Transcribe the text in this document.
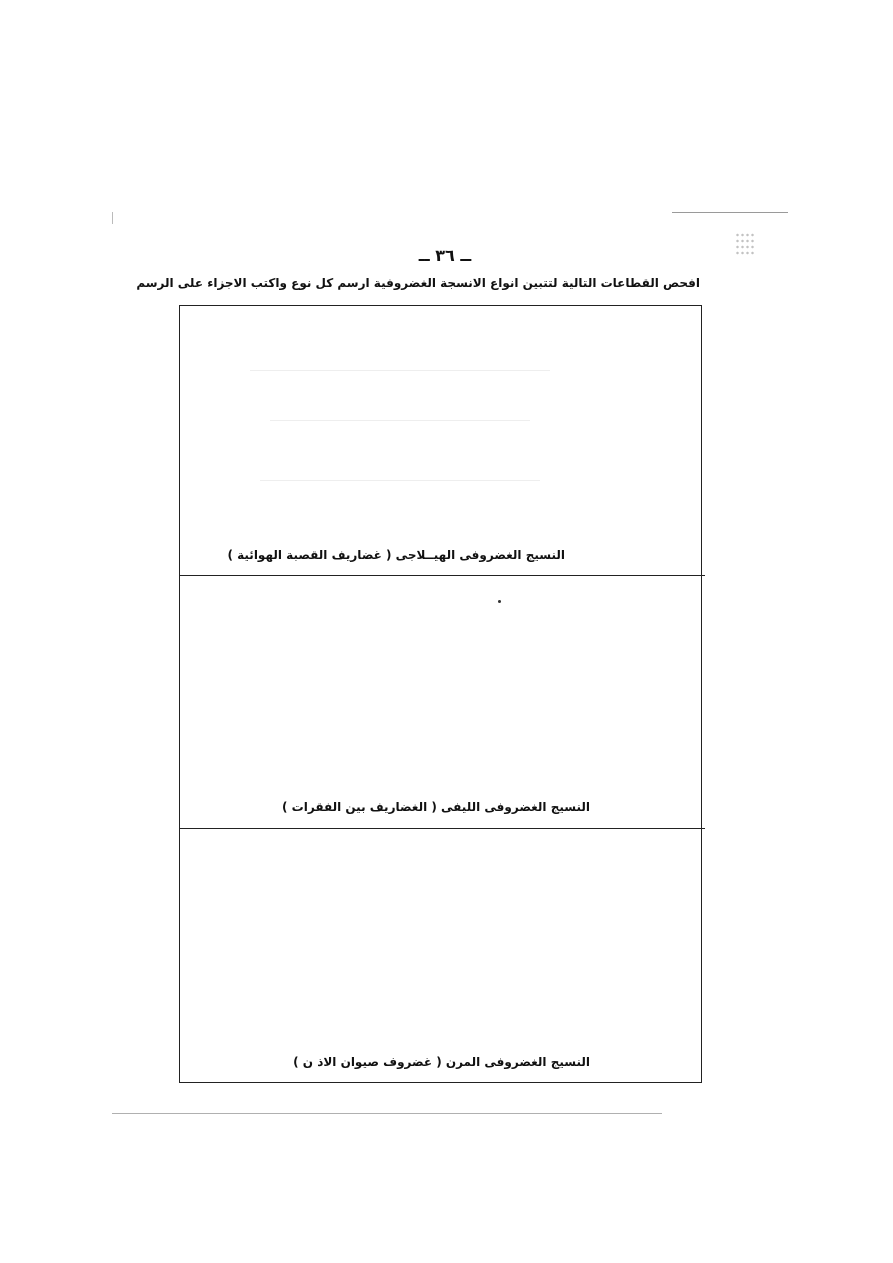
ــ ٣٦ ــ
افحص القطاعات التالية لتتبين انواع الانسجة الغضروفية ارسم كل نوع واكتب الاجزاء على الرسم
النسيج الغضروفى الهيــلاجى ( غضاريف القصبة الهوائية )
النسيج الغضروفى الليفى ( الغضاريف بين الفقرات )
النسيج الغضروفى المرن ( غضروف صيوان الاذ ن )
